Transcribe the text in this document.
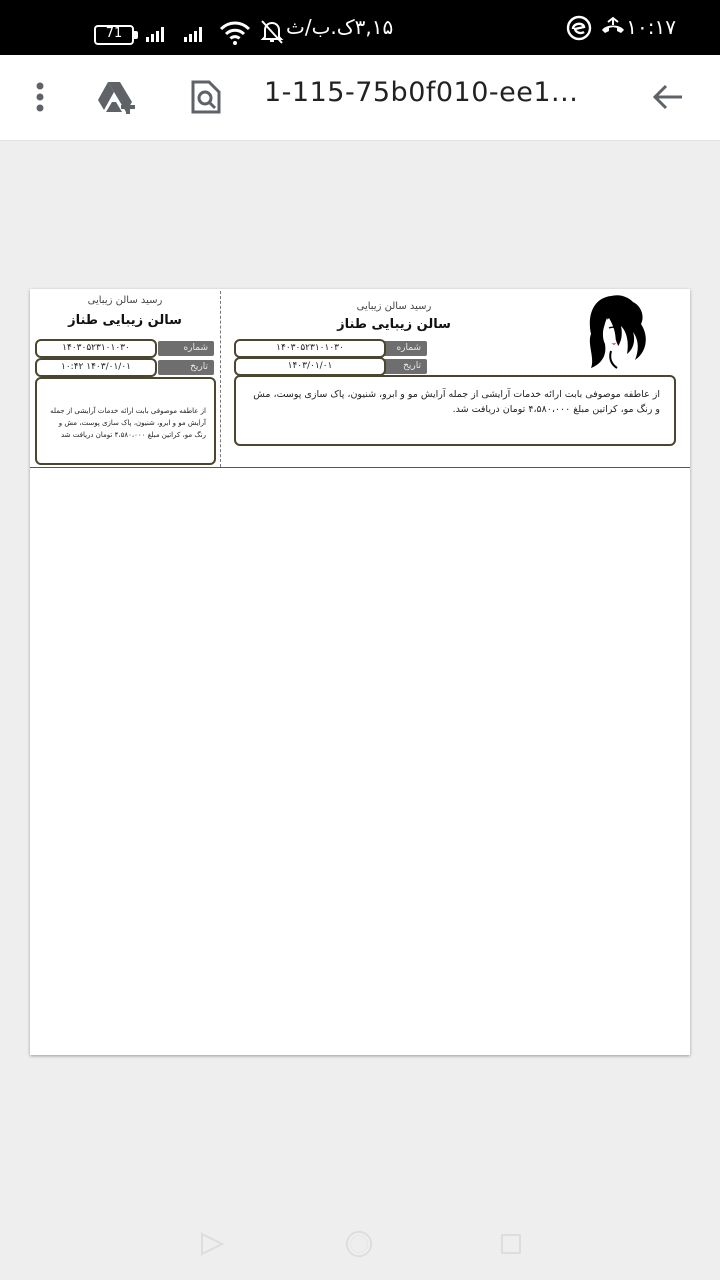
۱۰:۱۷
71	۳,۱۵ک.ب/ث
1-115-75b0f010-ee1...
رسید سالن زیبایی
سالن زیبایی طناز
شماره
۱۴۰۳۰۵۲۳۱۰۱۰۳۰
تاریخ
۱۰:۴۲ ۱۴۰۳/۰۱/۰۱

از عاطفه موصوفی بابت ارائه خدمات آرایشی از جمله آرایش مو و ابرو، شنیون، پاک سازی پوست، مش و رنگ مو، کراتین مبلغ ۴،۵۸۰،۰۰۰ تومان دریافت شد

رسید سالن زیبایی
سالن زیبایی طناز
شماره
۱۴۰۳۰۵۲۳۱۰۱۰۳۰
تاریخ
۱۴۰۳/۰۱/۰۱

از عاطفه موصوفی بابت ارائه خدمات آرایشی از جمله آرایش مو و ابرو، شنیون، پاک سازی پوست، مش و رنگ مو، کراتین مبلغ ۴،۵۸۰،۰۰۰ تومان دریافت شد.
